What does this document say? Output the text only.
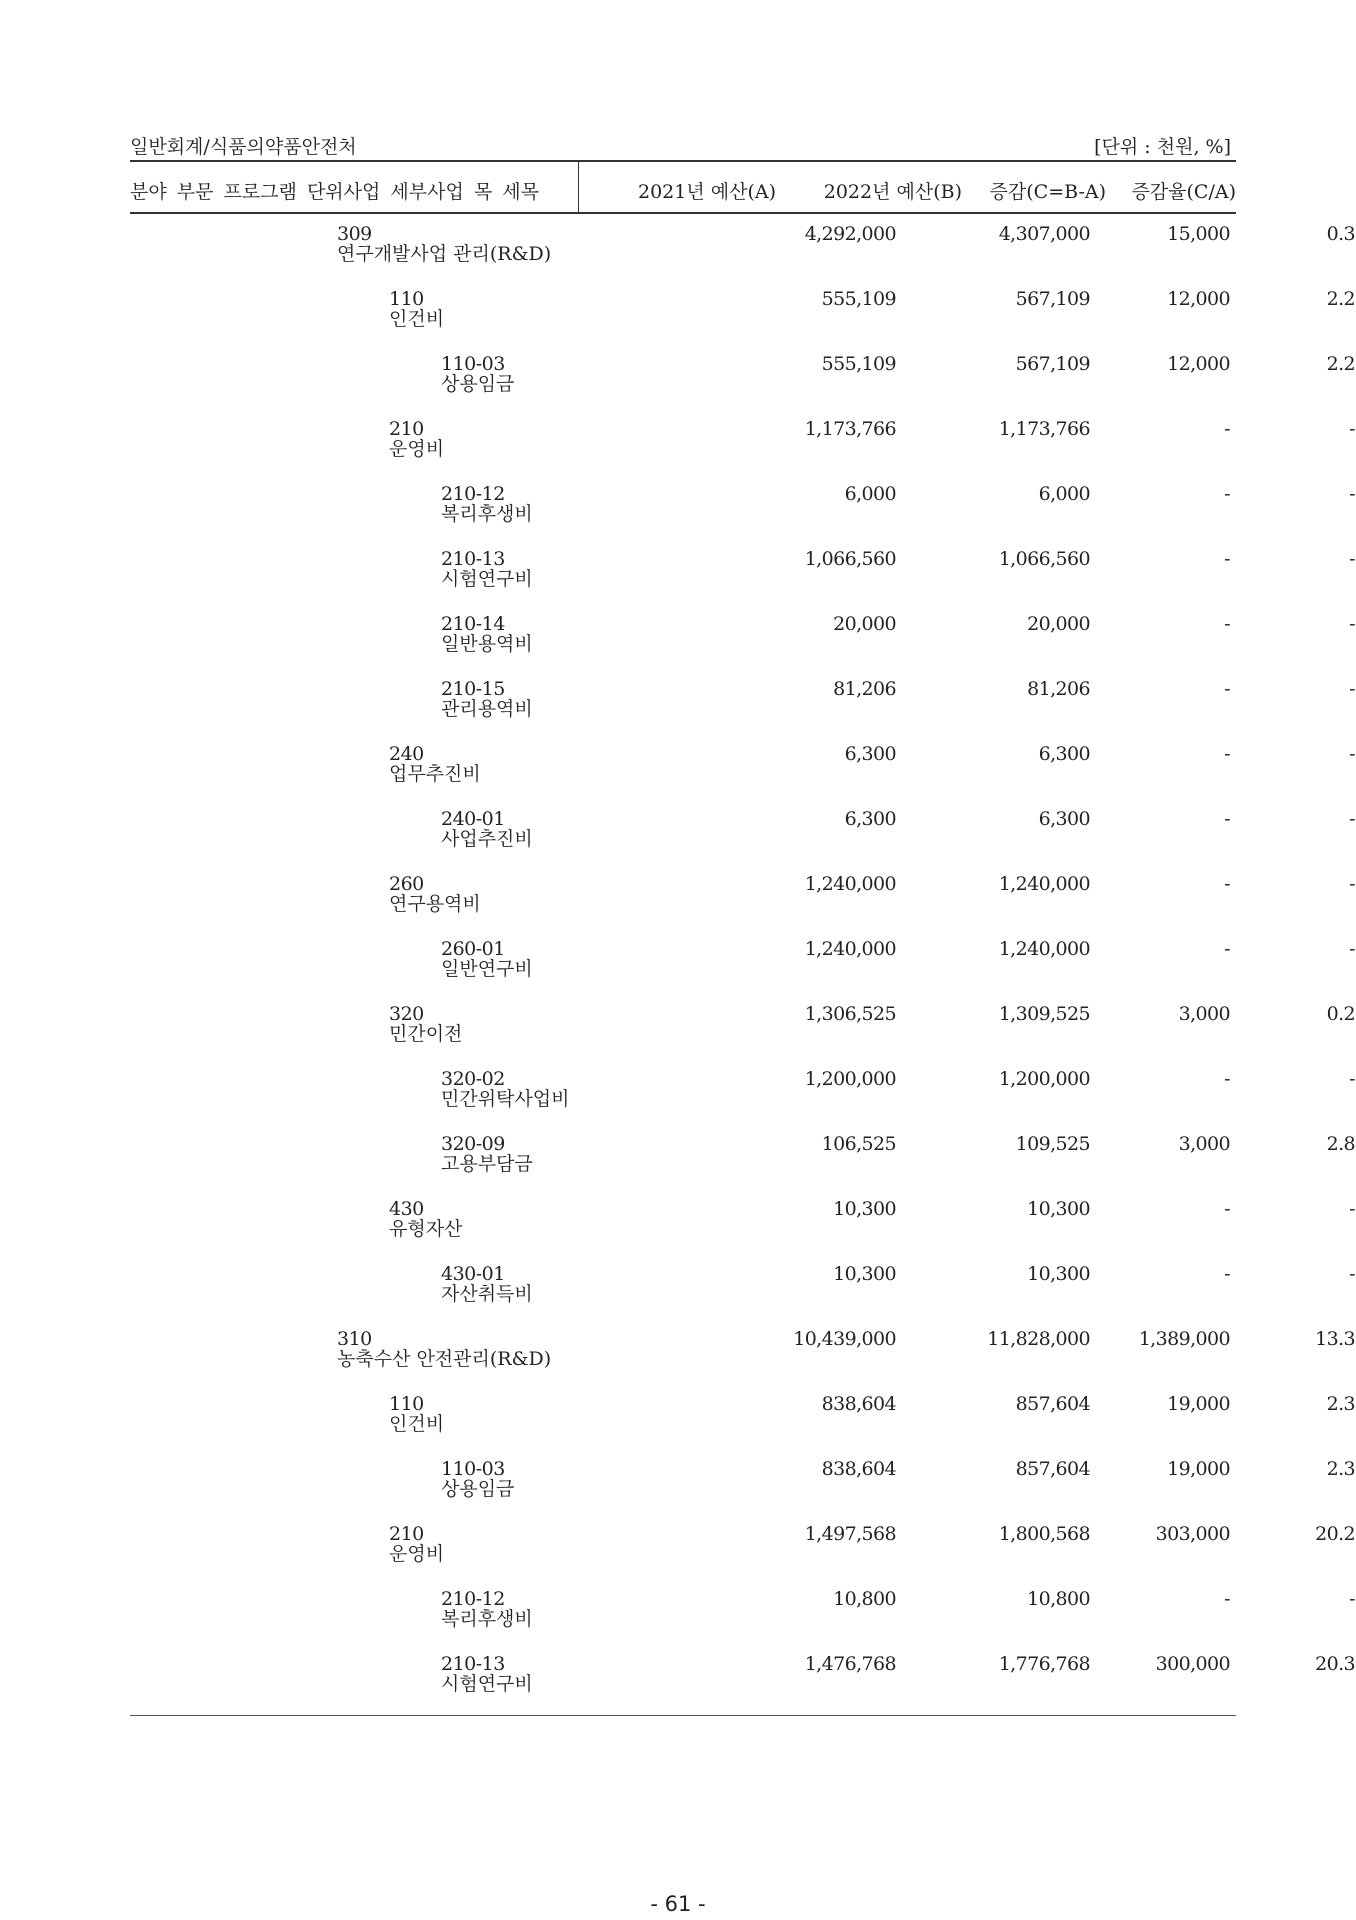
일반회계/식품의약품안전처	[단위 : 천원, %]
분야 부문 프로그램 단위사업 세부사업 목 세목	2021년 예산(A)	2022년 예산(B)	증감(C=B-A)	증감율(C/A)
309
연구개발사업 관리(R&D)
4,292,000	4,307,000	15,000	0.3
110
인건비
555,109	567,109	12,000	2.2
110-03
상용임금
555,109	567,109	12,000	2.2
210
운영비
1,173,766	1,173,766	-	-
210-12
복리후생비
6,000	6,000	-	-
210-13
시험연구비
1,066,560	1,066,560	-	-
210-14
일반용역비
20,000	20,000	-	-
210-15
관리용역비
81,206	81,206	-	-
240
업무추진비
6,300	6,300	-	-
240-01
사업추진비
6,300	6,300	-	-
260
연구용역비
1,240,000	1,240,000	-	-
260-01
일반연구비
1,240,000	1,240,000	-	-
320
민간이전
1,306,525	1,309,525	3,000	0.2
320-02
민간위탁사업비
1,200,000	1,200,000	-	-
320-09
고용부담금
106,525	109,525	3,000	2.8
430
유형자산
10,300	10,300	-	-
430-01
자산취득비
10,300	10,300	-	-
310
농축수산 안전관리(R&D)
10,439,000	11,828,000	1,389,000	13.3
110
인건비
838,604	857,604	19,000	2.3
110-03
상용임금
838,604	857,604	19,000	2.3
210
운영비
1,497,568	1,800,568	303,000	20.2
210-12
복리후생비
10,800	10,800	-	-
210-13
시험연구비
1,476,768	1,776,768	300,000	20.3
- 61 -
